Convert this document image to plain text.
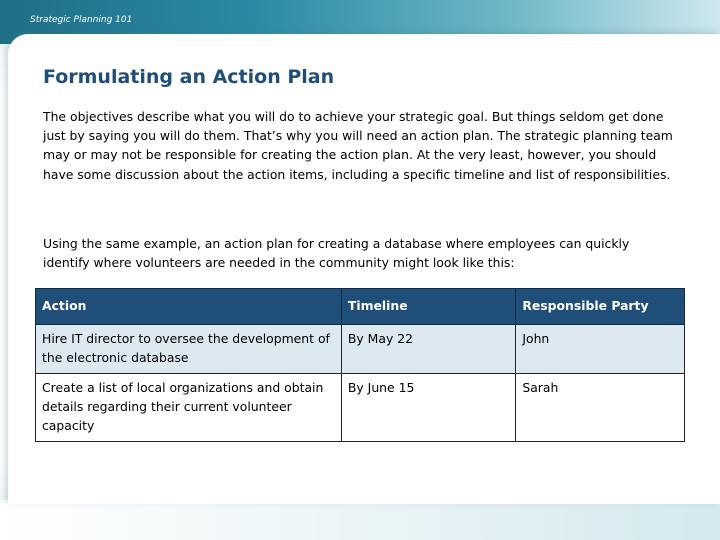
Strategic Planning 101
Formulating an Action Plan
The objectives describe what you will do to achieve your strategic goal. But things seldom get done just by saying you will do them. That’s why you will need an action plan. The strategic planning team may or may not be responsible for creating the action plan. At the very least, however, you should have some discussion about the action items, including a specific timeline and list of responsibilities.
Using the same example, an action plan for creating a database where employees can quickly identify where volunteers are needed in the community might look like this:
Action	Timeline	Responsible Party
Hire IT director to oversee the development of the electronic database	By May 22	John
Create a list of local organizations and obtain details regarding their current volunteer capacity	By June 15	Sarah
